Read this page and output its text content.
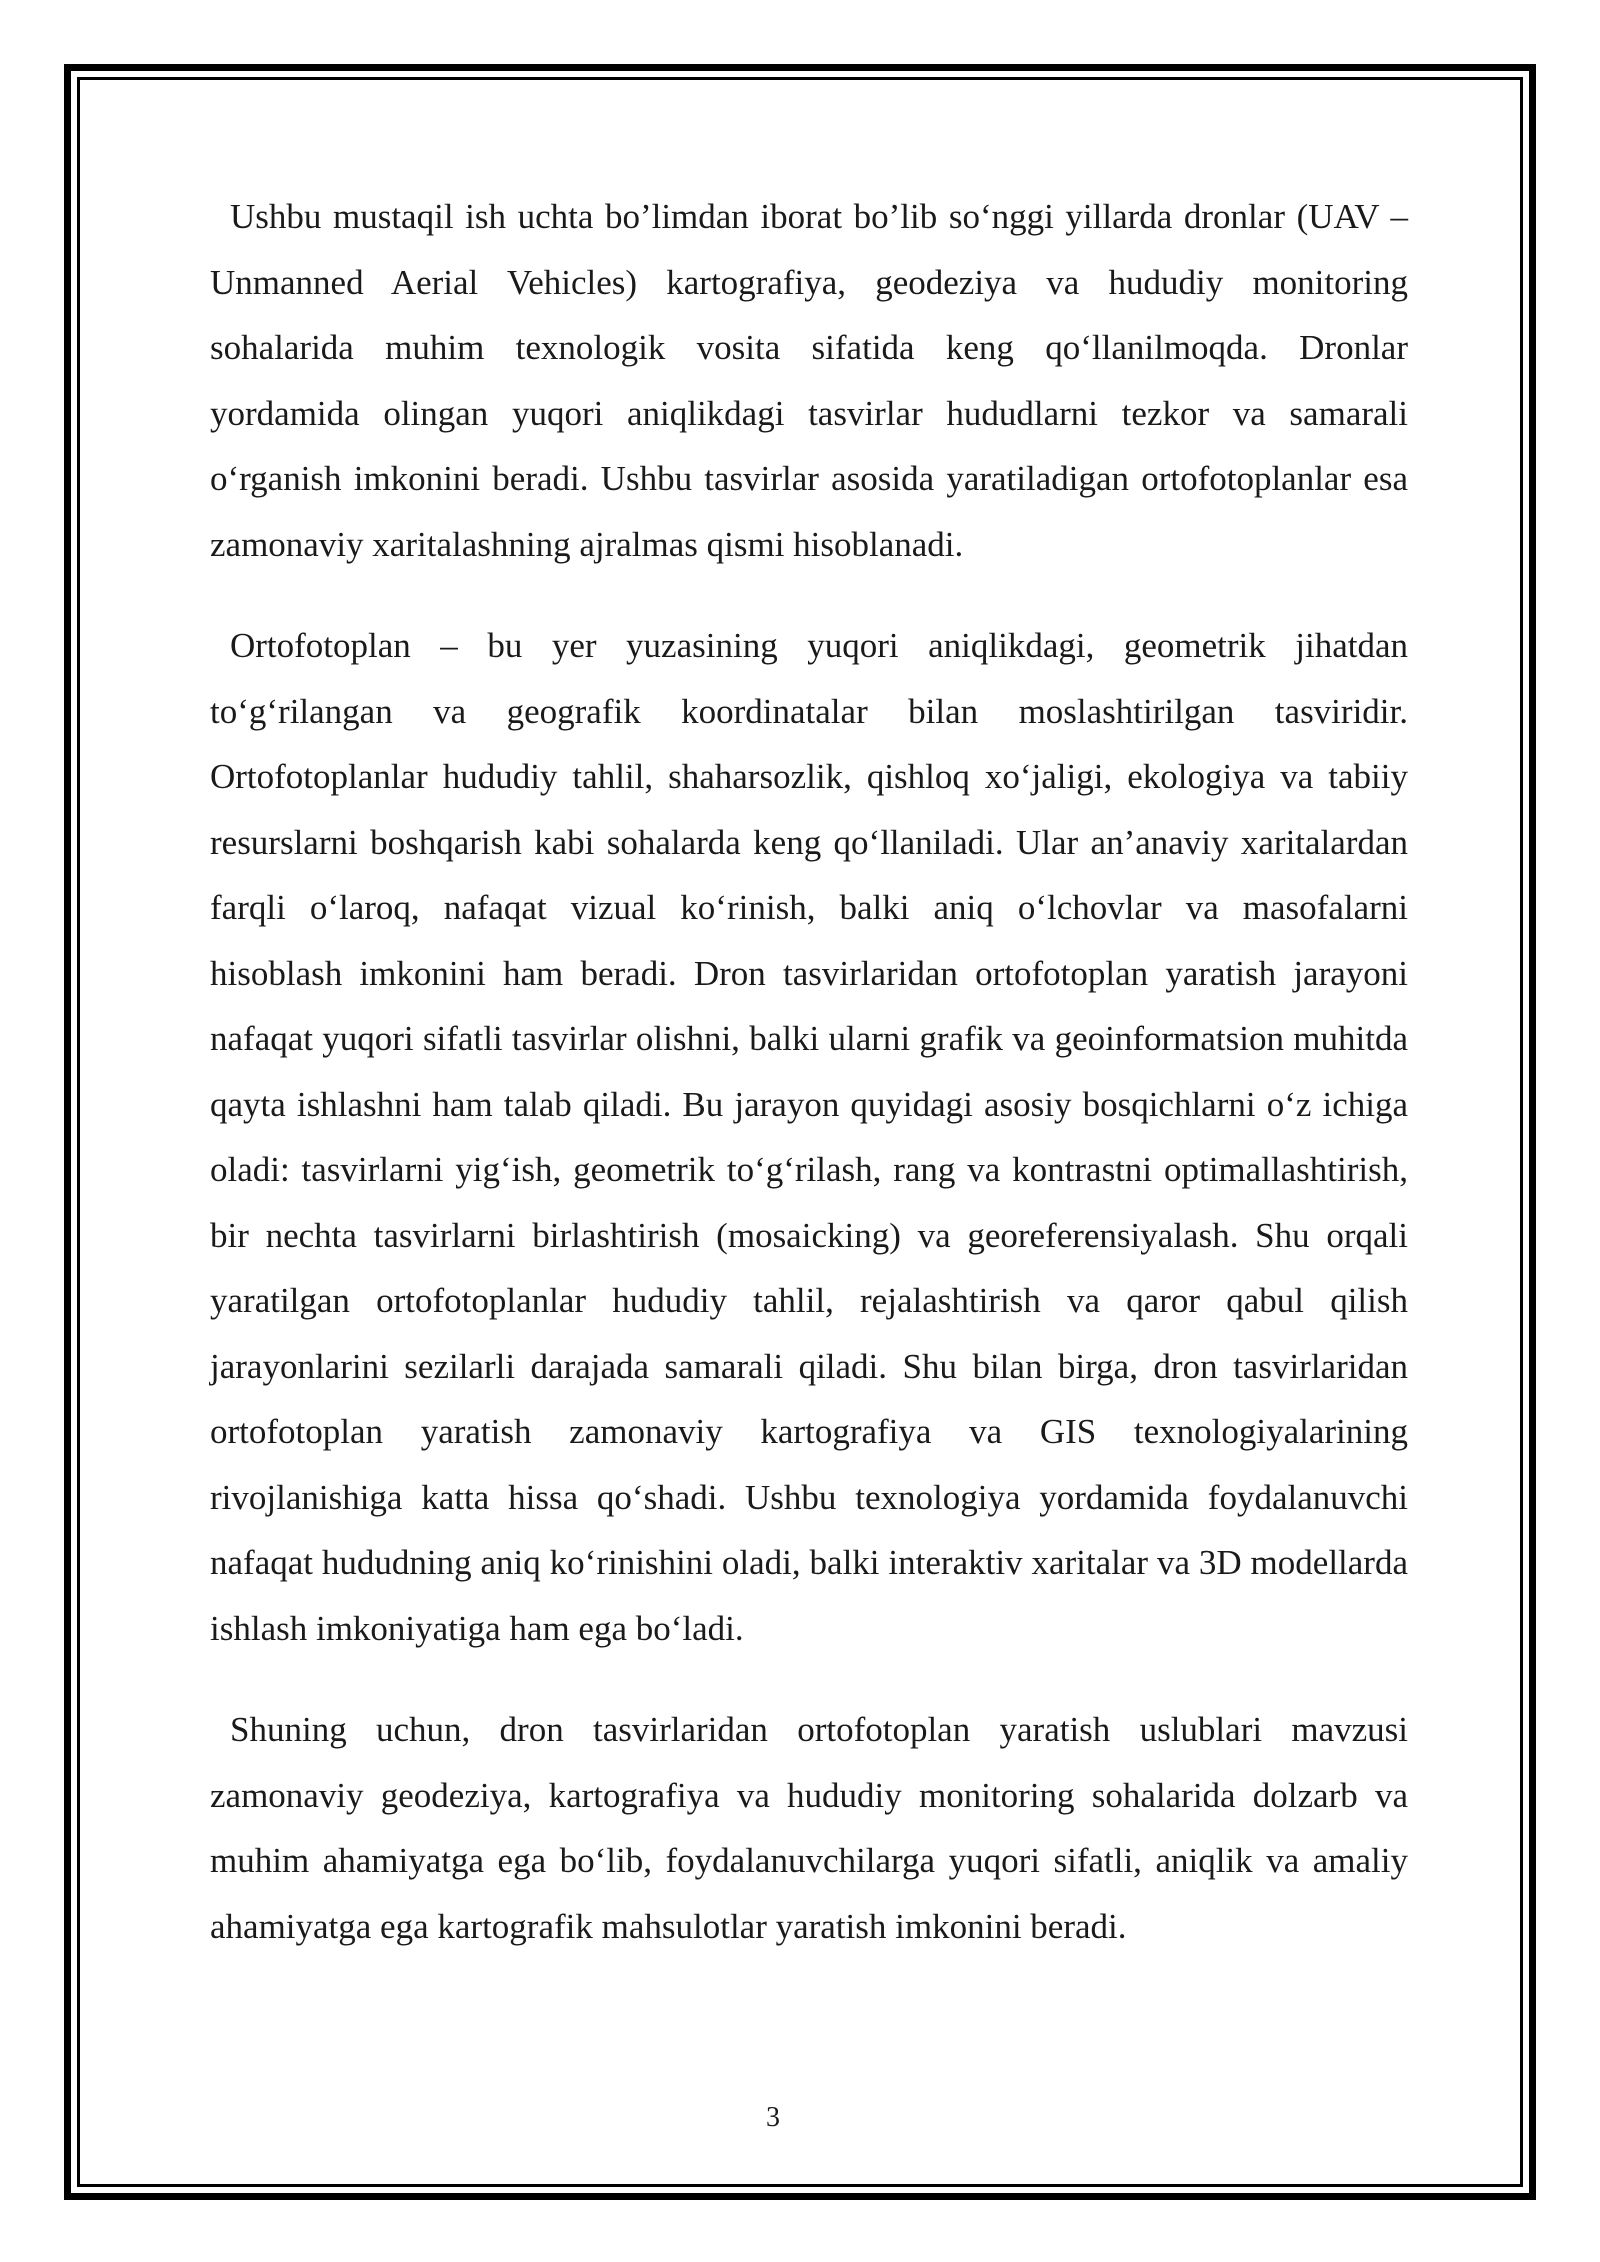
Ushbu mustaqil ish uchta bo’limdan iborat bo’lib so‘nggi yillarda dronlar (UAV – Unmanned Aerial Vehicles) kartografiya, geodeziya va hududiy monitoring sohalarida muhim texnologik vosita sifatida keng qo‘llanilmoqda. Dronlar yordamida olingan yuqori aniqlikdagi tasvirlar hududlarni tezkor va samarali o‘rganish imkonini beradi. Ushbu tasvirlar asosida yaratiladigan ortofotoplanlar esa zamonaviy xaritalashning ajralmas qismi hisoblanadi.

Ortofotoplan – bu yer yuzasining yuqori aniqlikdagi, geometrik jihatdan to‘g‘rilangan va geografik koordinatalar bilan moslashtirilgan tasviridir. Ortofotoplanlar hududiy tahlil, shaharsozlik, qishloq xo‘jaligi, ekologiya va tabiiy resurslarni boshqarish kabi sohalarda keng qo‘llaniladi. Ular an’anaviy xaritalardan farqli o‘laroq, nafaqat vizual ko‘rinish, balki aniq o‘lchovlar va masofalarni hisoblash imkonini ham beradi. Dron tasvirlaridan ortofotoplan yaratish jarayoni nafaqat yuqori sifatli tasvirlar olishni, balki ularni grafik va geoinformatsion muhitda qayta ishlashni ham talab qiladi. Bu jarayon quyidagi asosiy bosqichlarni o‘z ichiga oladi: tasvirlarni yig‘ish, geometrik to‘g‘rilash, rang va kontrastni optimallashtirish, bir nechta tasvirlarni birlashtirish (mosaicking) va georeferensiyalash. Shu orqali yaratilgan ortofotoplanlar hududiy tahlil, rejalashtirish va qaror qabul qilish jarayonlarini sezilarli darajada samarali qiladi. Shu bilan birga, dron tasvirlaridan ortofotoplan yaratish zamonaviy kartografiya va GIS texnologiyalarining rivojlanishiga katta hissa qo‘shadi. Ushbu texnologiya yordamida foydalanuvchi nafaqat hududning aniq ko‘rinishini oladi, balki interaktiv xaritalar va 3D modellarda ishlash imkoniyatiga ham ega bo‘ladi.

Shuning uchun, dron tasvirlaridan ortofotoplan yaratish uslublari mavzusi zamonaviy geodeziya, kartografiya va hududiy monitoring sohalarida dolzarb va muhim ahamiyatga ega bo‘lib, foydalanuvchilarga yuqori sifatli, aniqlik va amaliy ahamiyatga ega kartografik mahsulotlar yaratish imkonini beradi.

3
